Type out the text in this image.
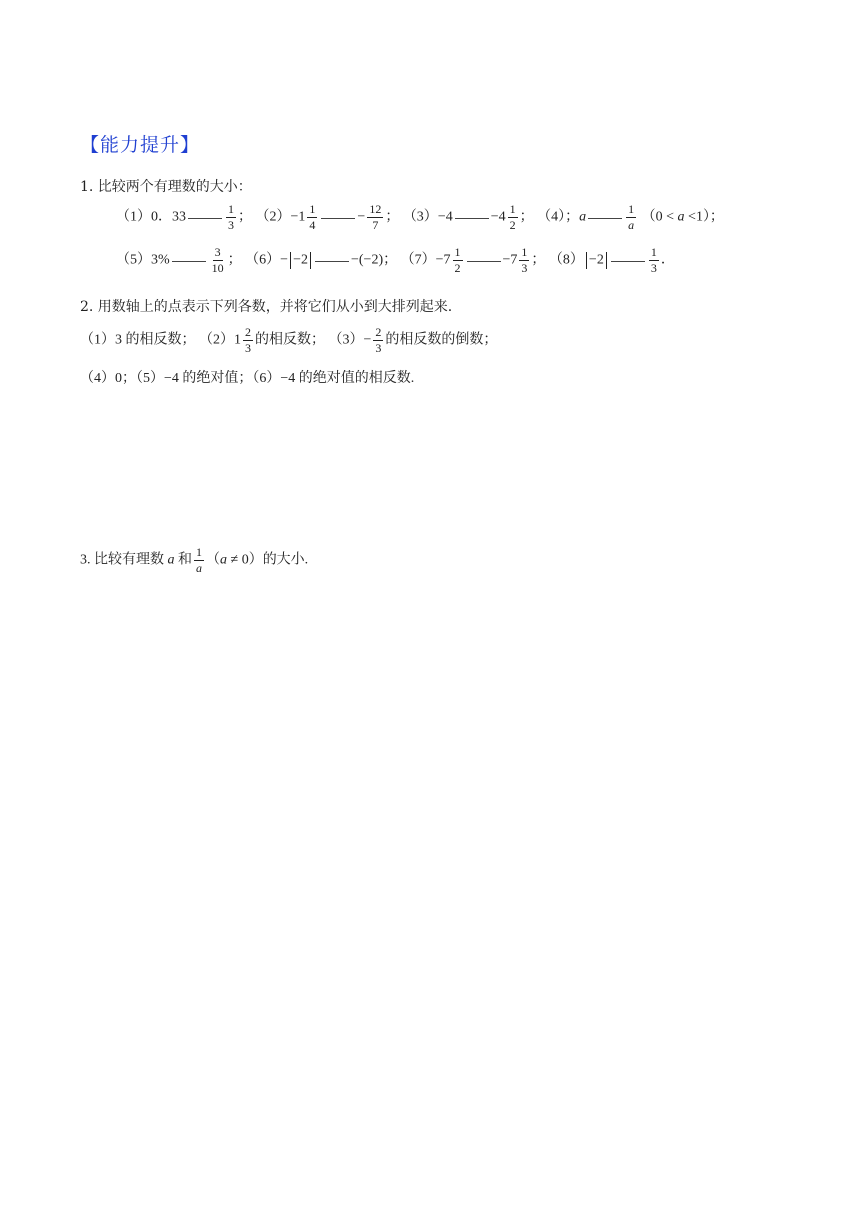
【能力提升】
1. 比较两个有理数的大小：
（1）0．33	$\frac{1}{3}$ ； $(2)-1 \frac{1}{4}$	− $\frac{12}{7}$ ； （3）−4	$-4 \frac{1}{2}$ ； （4）；a	$\frac{1}{a} (0 < a <1)$；
（5）3%	$\frac{3}{10}$ ； （6）− −2	−(−2)； $(7)-7 \frac{1}{2}$	$-7 \frac{1}{3}$ ； （8） −2	$\frac{1}{3}$ ．
2. 用数轴上的点表示下列各数，并将它们从小到大排列起来.
（1）3 的相反数； $(2)1 \frac{2}{3}$ 的相反数； $(3)- \frac{2}{3}$ 的相反数的倒数；
（4）0；（5）−4 的绝对值；（6）−4 的绝对值的相反数.
3. 比较有理数 a 和 $\frac{1}{a} (a \ne 0)$的大小.
